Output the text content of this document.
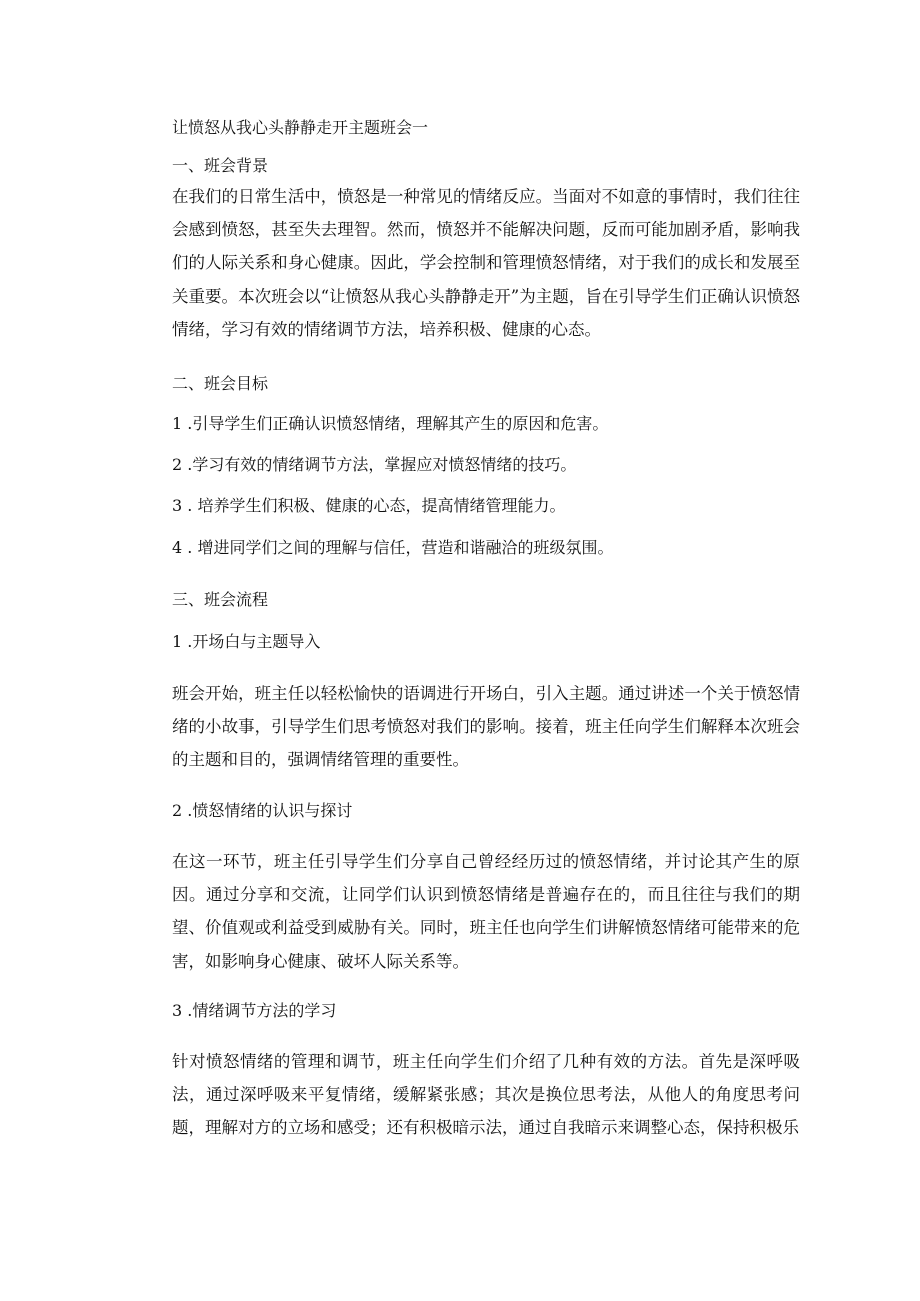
让愤怒从我心头静静走开主题班会一
一、班会背景
在我们的日常生活中，愤怒是一种常见的情绪反应。当面对不如意的事情时，我们往往会感到愤怒，甚至失去理智。然而，愤怒并不能解决问题，反而可能加剧矛盾，影响我们的人际关系和身心健康。因此，学会控制和管理愤怒情绪，对于我们的成长和发展至关重要。本次班会以“让愤怒从我心头静静走开”为主题，旨在引导学生们正确认识愤怒情绪，学习有效的情绪调节方法，培养积极、健康的心态。
二、班会目标
1 .引导学生们正确认识愤怒情绪，理解其产生的原因和危害。
2 .学习有效的情绪调节方法，掌握应对愤怒情绪的技巧。
3 . 培养学生们积极、健康的心态，提高情绪管理能力。
4 . 增进同学们之间的理解与信任，营造和谐融洽的班级氛围。
三、班会流程
1 .开场白与主题导入
班会开始，班主任以轻松愉快的语调进行开场白，引入主题。通过讲述一个关于愤怒情绪的小故事，引导学生们思考愤怒对我们的影响。接着，班主任向学生们解释本次班会的主题和目的，强调情绪管理的重要性。
2 .愤怒情绪的认识与探讨
在这一环节，班主任引导学生们分享自己曾经经历过的愤怒情绪，并讨论其产生的原因。通过分享和交流，让同学们认识到愤怒情绪是普遍存在的，而且往往与我们的期望、价值观或利益受到威胁有关。同时，班主任也向学生们讲解愤怒情绪可能带来的危害，如影响身心健康、破坏人际关系等。
3 .情绪调节方法的学习
针对愤怒情绪的管理和调节，班主任向学生们介绍了几种有效的方法。首先是深呼吸法，通过深呼吸来平复情绪，缓解紧张感；其次是换位思考法，从他人的角度思考问题，理解对方的立场和感受；还有积极暗示法，通过自我暗示来调整心态，保持积极乐
